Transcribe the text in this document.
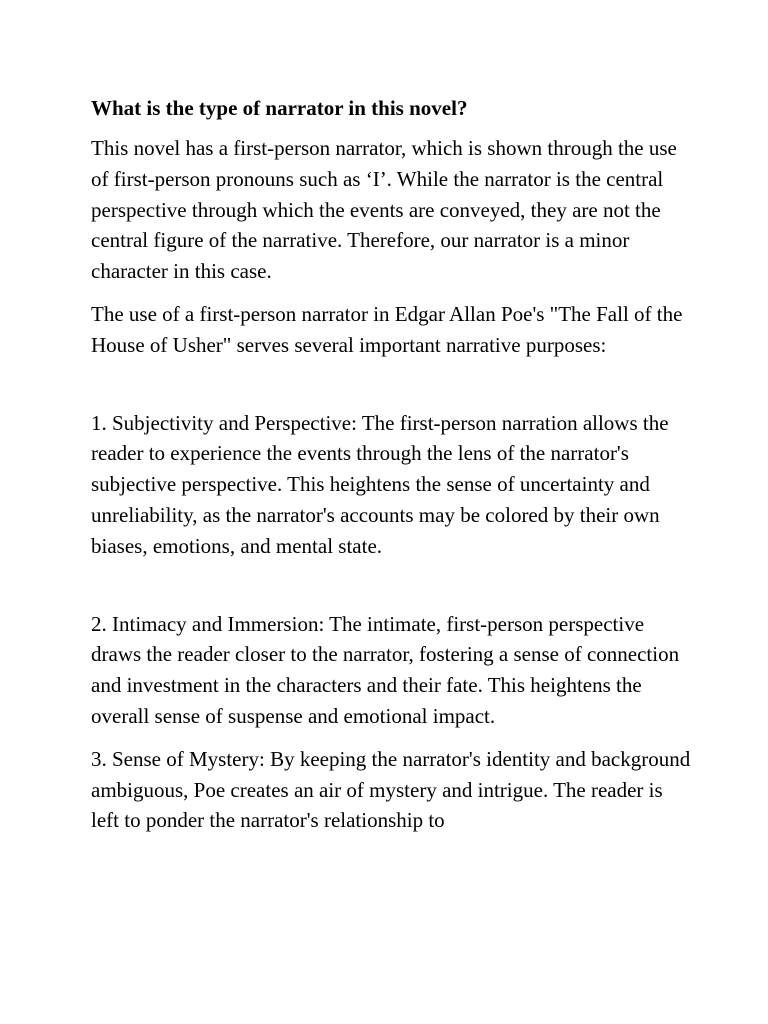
What is the type of narrator in this novel?
This novel has a first-person narrator, which is shown through the use of first-person pronouns such as ‘I’. While the narrator is the central perspective through which the events are conveyed, they are not the central figure of the narrative. Therefore, our narrator is a minor character in this case.
The use of a first-person narrator in Edgar Allan Poe's "The Fall of the House of Usher" serves several important narrative purposes:
1. Subjectivity and Perspective: The first-person narration allows the reader to experience the events through the lens of the narrator's subjective perspective. This heightens the sense of uncertainty and unreliability, as the narrator's accounts may be colored by their own biases, emotions, and mental state.
2. Intimacy and Immersion: The intimate, first-person perspective draws the reader closer to the narrator, fostering a sense of connection and investment in the characters and their fate. This heightens the overall sense of suspense and emotional impact.
3. Sense of Mystery: By keeping the narrator's identity and background ambiguous, Poe creates an air of mystery and intrigue. The reader is left to ponder the narrator's relationship to
